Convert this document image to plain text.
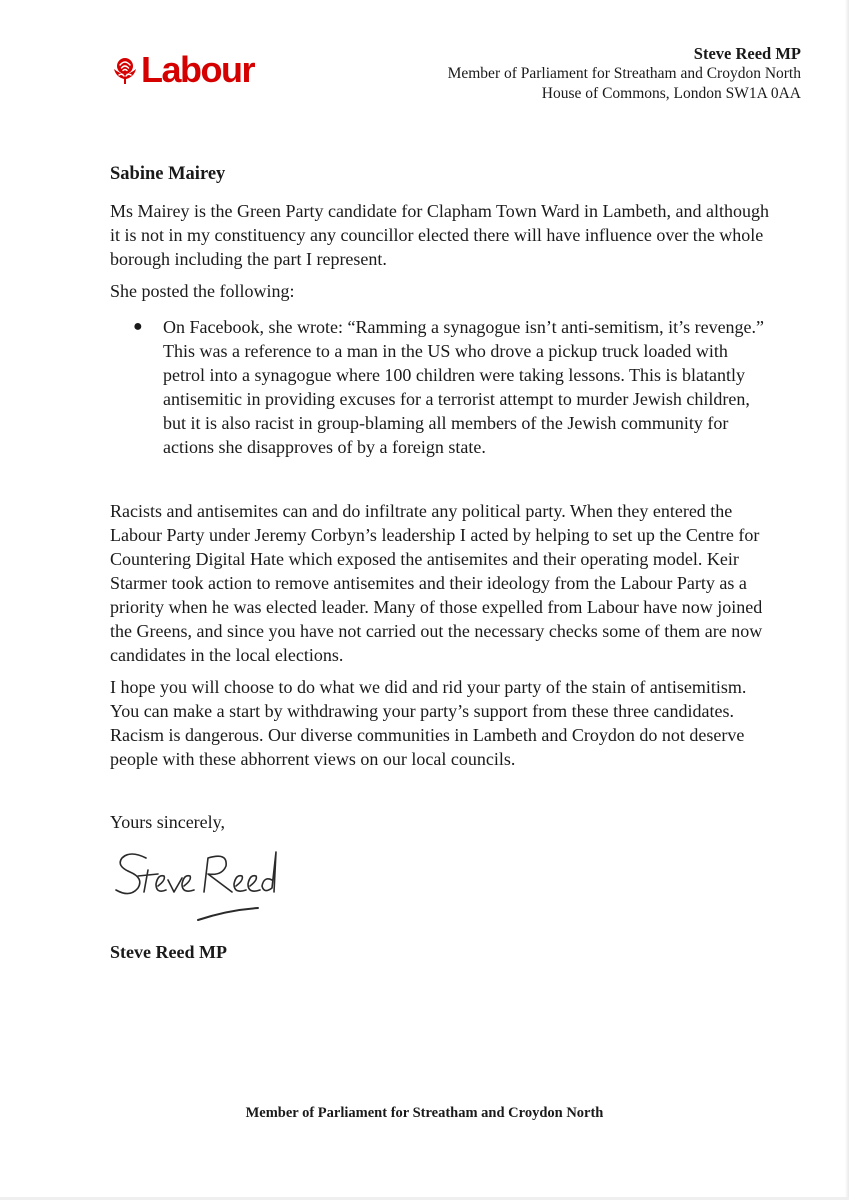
Labour	Steve Reed MP
Member of Parliament for Streatham and Croydon North
House of Commons, London SW1A 0AA
Sabine Mairey

Ms Mairey is the Green Party candidate for Clapham Town Ward in Lambeth, and although it is not in my constituency any councillor elected there will have influence over the whole borough including the part I represent.

She posted the following:

●	On Facebook, she wrote: “Ramming a synagogue isn’t anti-semitism, it’s revenge.” This was a reference to a man in the US who drove a pickup truck loaded with petrol into a synagogue where 100 children were taking lessons. This is blatantly antisemitic in providing excuses for a terrorist attempt to murder Jewish children, but it is also racist in group-blaming all members of the Jewish community for actions she disapproves of by a foreign state.

Racists and antisemites can and do infiltrate any political party. When they entered the Labour Party under Jeremy Corbyn’s leadership I acted by helping to set up the Centre for Countering Digital Hate which exposed the antisemites and their operating model. Keir Starmer took action to remove antisemites and their ideology from the Labour Party as a priority when he was elected leader. Many of those expelled from Labour have now joined the Greens, and since you have not carried out the necessary checks some of them are now candidates in the local elections.

I hope you will choose to do what we did and rid your party of the stain of antisemitism. You can make a start by withdrawing your party’s support from these three candidates. Racism is dangerous. Our diverse communities in Lambeth and Croydon do not deserve people with these abhorrent views on our local councils.

Yours sincerely,
Steve Reed MP
Member of Parliament for Streatham and Croydon North
